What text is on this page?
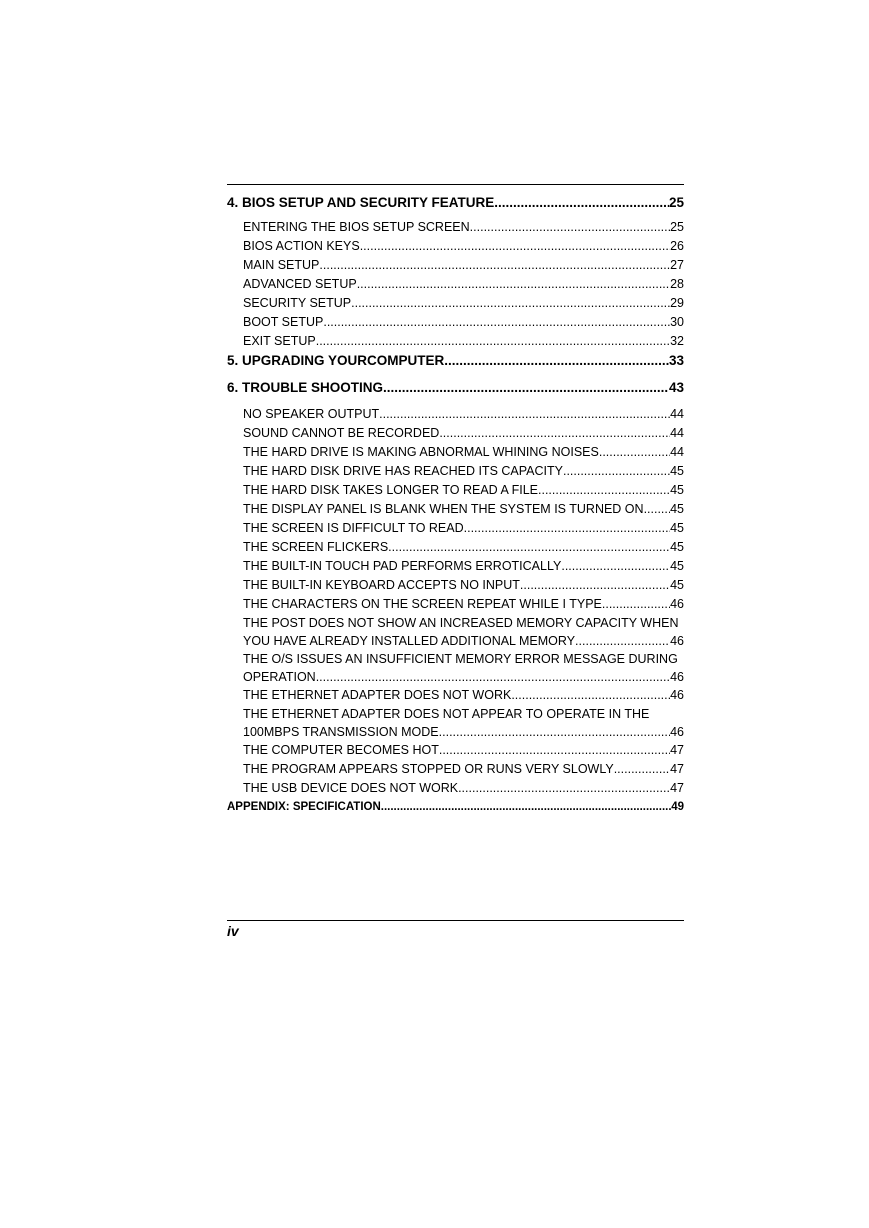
4. BIOS SETUP AND SECURITY FEATURE .....	25
ENTERING THE BIOS SETUP SCREEN .....	25
BIOS ACTION KEYS .....	26
MAIN SETUP .....	27
ADVANCED SETUP .....	28
SECURITY SETUP .....	29
BOOT SETUP .....	30
EXIT SETUP .....	32
5. UPGRADING YOURCOMPUTER .....	33
6. TROUBLE SHOOTING .....	43
NO SPEAKER OUTPUT .....	44
SOUND CANNOT BE RECORDED .....	44
THE HARD DRIVE IS MAKING ABNORMAL WHINING NOISES .....	44
THE HARD DISK DRIVE HAS REACHED ITS CAPACITY .....	45
THE HARD DISK TAKES LONGER TO READ A FILE .....	45
THE DISPLAY PANEL IS BLANK WHEN THE SYSTEM IS TURNED ON ..... 45
THE SCREEN IS DIFFICULT TO READ .....	45
THE SCREEN FLICKERS .....	45
THE BUILT-IN TOUCH PAD PERFORMS ERROTICALLY .....	45
THE BUILT-IN KEYBOARD ACCEPTS NO INPUT .....	45
THE CHARACTERS ON THE SCREEN REPEAT WHILE I TYPE. .....	46
THE POST DOES NOT SHOW AN INCREASED MEMORY CAPACITY WHEN
YOU HAVE ALREADY INSTALLED ADDITIONAL MEMORY .....	46
THE O/S ISSUES AN INSUFFICIENT MEMORY ERROR MESSAGE DURING
OPERATION .....	46
THE ETHERNET ADAPTER DOES NOT WORK .....	46
THE ETHERNET ADAPTER DOES NOT APPEAR TO OPERATE IN THE
100MBPS TRANSMISSION MODE .....	46
THE COMPUTER BECOMES HOT .....	47
THE PROGRAM APPEARS STOPPED OR RUNS VERY SLOWLY .....	47
THE USB DEVICE DOES NOT WORK .....	47
APPENDIX: SPECIFICATION .....	49
iv
